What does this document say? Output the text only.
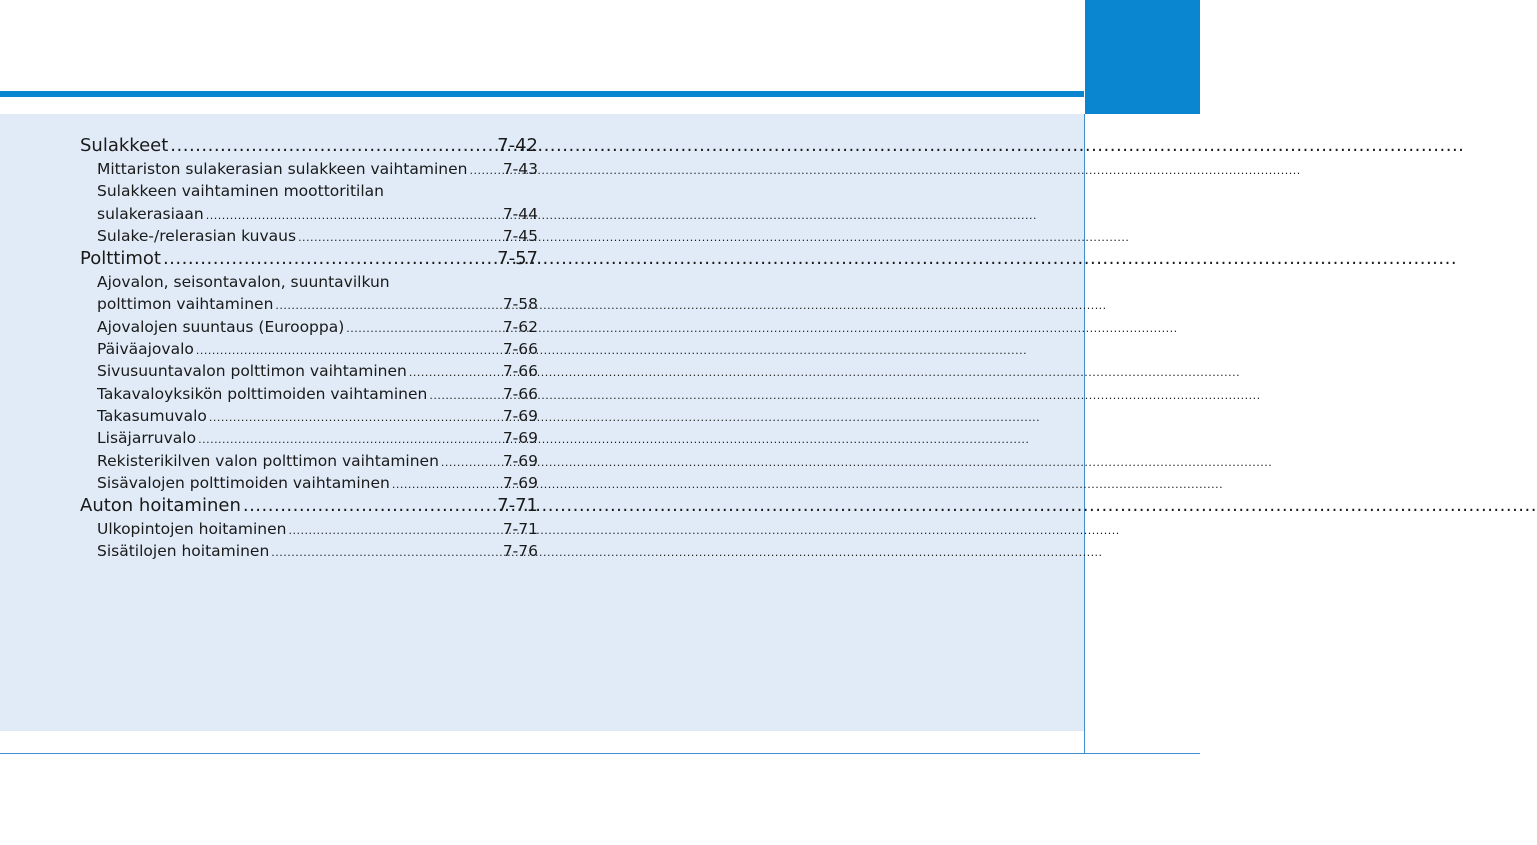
Sulakkeet .....	7-42
Mittariston sulakerasian sulakkeen vaihtaminen ..... 7-43
Sulakkeen vaihtaminen moottoritilan
sulakerasiaan .....	7-44
Sulake-/relerasian kuvaus .....	7-45
Polttimot .....	7-57
Ajovalon, seisontavalon, suuntavilkun
polttimon vaihtaminen .....	7-58
Ajovalojen suuntaus (Eurooppa) .....	7-62
Päiväajovalo .....	7-66
Sivusuuntavalon polttimon vaihtaminen .....	7-66
Takavaloyksikön polttimoiden vaihtaminen .....	7-66
Takasumuvalo .....	7-69
Lisäjarruvalo .....	7-69
Rekisterikilven valon polttimon vaihtaminen .....	7-69
Sisävalojen polttimoiden vaihtaminen .....	7-69
Auton hoitaminen .....	7-71
Ulkopintojen hoitaminen .....	7-71
Sisätilojen hoitaminen .....	7-76
